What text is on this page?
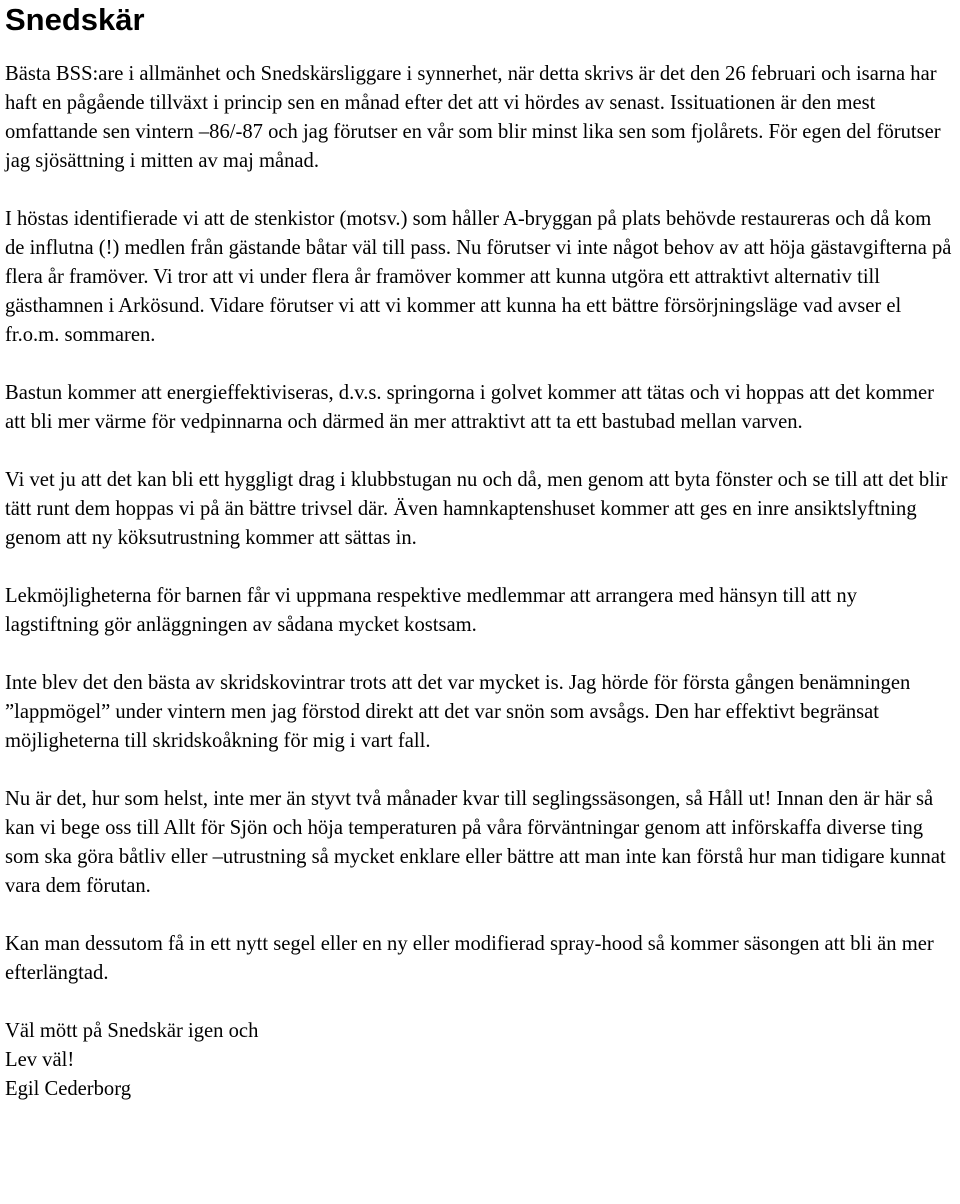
Snedskär

Bästa BSS:are i allmänhet och Snedskärsliggare i synnerhet, när detta skrivs är det den 26 februari och isarna har haft en pågående tillväxt i princip sen en månad efter det att vi hördes av senast. Issituationen är den mest omfattande sen vintern –86/-87 och jag förutser en vår som blir minst lika sen som fjolårets. För egen del förutser jag sjösättning i mitten av maj månad.

I höstas identifierade vi att de stenkistor (motsv.) som håller A-bryggan på plats behövde restaureras och då kom de influtna (!) medlen från gästande båtar väl till pass. Nu förutser vi inte något behov av att höja gästavgifterna på flera år framöver. Vi tror att vi under flera år framöver kommer att kunna utgöra ett attraktivt alternativ till gästhamnen i Arkösund. Vidare förutser vi att vi kommer att kunna ha ett bättre försörjningsläge vad avser el fr.o.m. sommaren.

Bastun kommer att energieffektiviseras, d.v.s. springorna i golvet kommer att tätas och vi hoppas att det kommer att bli mer värme för vedpinnarna och därmed än mer attraktivt att ta ett bastubad mellan varven.

Vi vet ju att det kan bli ett hyggligt drag i klubbstugan nu och då, men genom att byta fönster och se till att det blir tätt runt dem hoppas vi på än bättre trivsel där. Även hamnkaptenshuset kommer att ges en inre ansiktslyftning genom att ny köksutrustning kommer att sättas in.

Lekmöjligheterna för barnen får vi uppmana respektive medlemmar att arrangera med hänsyn till att ny lagstiftning gör anläggningen av sådana mycket kostsam.

Inte blev det den bästa av skridskovintrar trots att det var mycket is. Jag hörde för första gången benämningen ”lappmögel” under vintern men jag förstod direkt att det var snön som avsågs. Den har effektivt begränsat möjligheterna till skridskoåkning för mig i vart fall.

Nu är det, hur som helst, inte mer än styvt två månader kvar till seglingssäsongen, så Håll ut! Innan den är här så kan vi bege oss till Allt för Sjön och höja temperaturen på våra förväntningar genom att införskaffa diverse ting som ska göra båtliv eller –utrustning så mycket enklare eller bättre att man inte kan förstå hur man tidigare kunnat vara dem förutan.

Kan man dessutom få in ett nytt segel eller en ny eller modifierad spray-hood så kommer säsongen att bli än mer efterlängtad.

Väl mött på Snedskär igen och
Lev väl!
Egil Cederborg
